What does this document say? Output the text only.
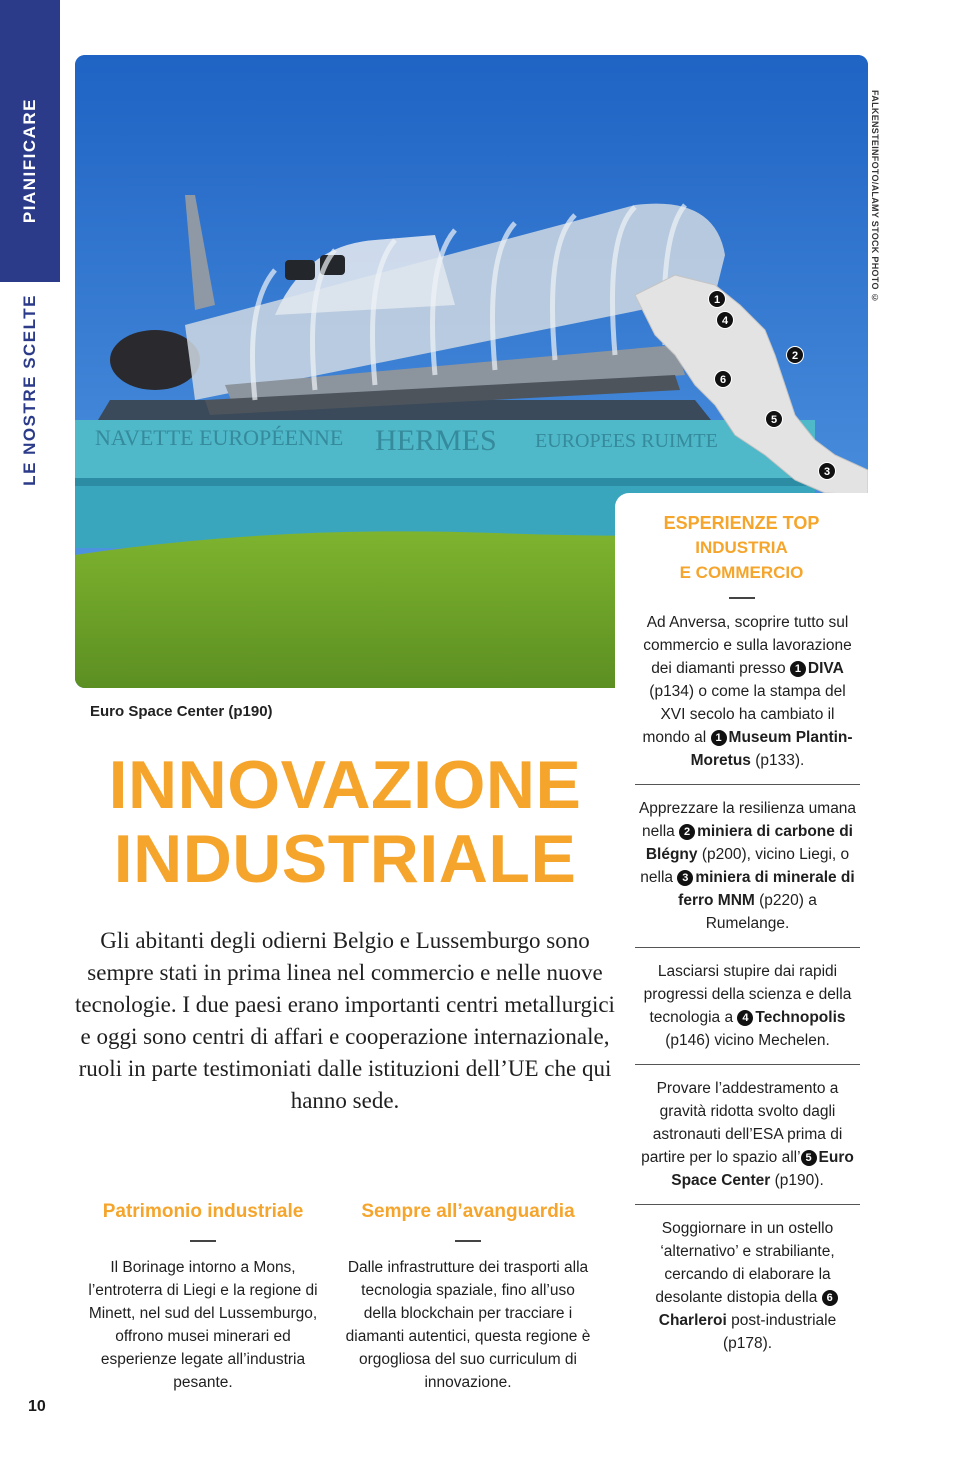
PIANIFICARE
LE NOSTRE SCELTE	NAVETTE EUROPÉENNE HERMES EUROPEES RUIMTE
1
4
2
6
5
3
FALKENSTEINFOTO/ALAMY STOCK PHOTO ©
Euro Space Center (p190)
INNOVAZIONE
INDUSTRIALE
Gli abitanti degli odierni Belgio e Lussemburgo sono sempre stati in prima linea nel commercio e nelle nuove tecnologie. I due paesi erano importanti centri metallurgici e oggi sono centri di affari e cooperazione internazionale, ruoli in parte testimoniati dalle istituzioni dell’UE che qui hanno sede.
Patrimonio industriale

Il Borinage intorno a Mons, l’entroterra di Liegi e la regione di Minett, nel sud del Lussemburgo, offrono musei minerari ed esperienze legate all’industria pesante.

Sempre all’avanguardia

Dalle infrastrutture dei trasporti alla tecnologia spaziale, fino all’uso della blockchain per tracciare i diamanti autentici, questa regione è orgogliosa del suo curriculum di innovazione.

10
ESPERIENZE TOP
INDUSTRIA
E COMMERCIO
Ad Anversa, scoprire tutto sul commercio e sulla lavorazione dei diamanti presso 1 DIVA (p134) o come la stampa del XVI secolo ha cambiato il mondo al 1 Museum Plantin-Moretus (p133).
Apprezzare la resilienza umana nella 2 miniera di carbone di Blégny (p200), vicino Liegi, o nella 3 miniera di minerale di ferro MNM (p220) a Rumelange.
Lasciarsi stupire dai rapidi progressi della scienza e della tecnologia a 4 Technopolis (p146) vicino Mechelen.
Provare l’addestramento a gravità ridotta svolto dagli astronauti dell’ESA prima di partire per lo spazio all’ 5 Euro Space Center (p190).
Soggiornare in un ostello ‘alternativo’ e strabiliante, cercando di elaborare la desolante distopia della 6Charleroi post-industriale (p178).
